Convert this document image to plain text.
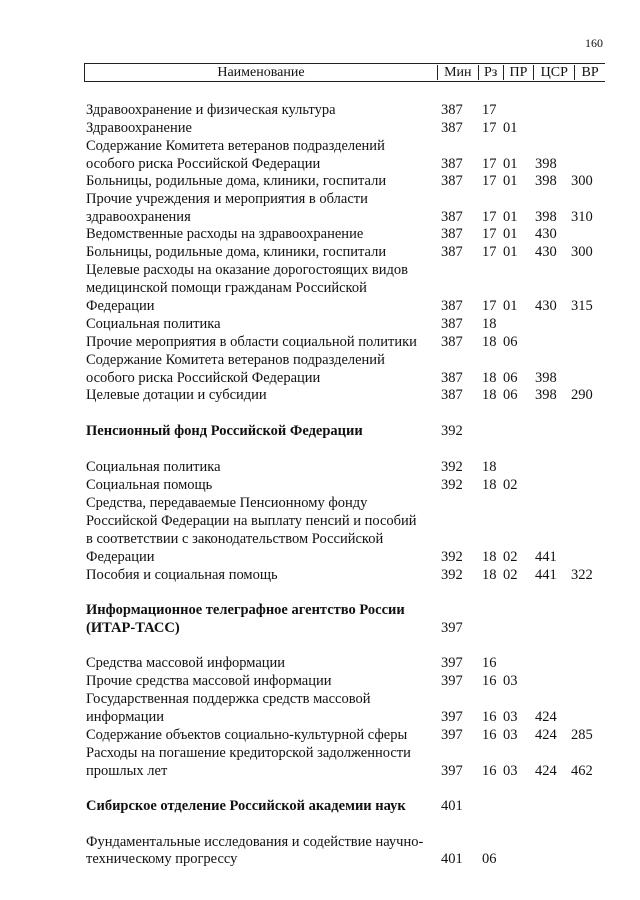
160
Наименование	Мин Рз ПР ЦСР ВР
Здравоохранение и физическая культура	387 17
Здравоохранение	387 17 01
Содержание Комитета ветеранов подразделений
особого риска Российской Федерации	387 17 01 398
Больницы, родильные дома, клиники, госпитали	387 17 01 398 300
Прочие учреждения и мероприятия в области
здравоохранения	387 17 01 398 310
Ведомственные расходы на здравоохранение	387 17 01 430
Больницы, родильные дома, клиники, госпитали	387 17 01 430 300
Целевые расходы на оказание дорогостоящих видов
медицинской помощи гражданам Российской
Федерации	387 17 01 430 315
Социальная политика	387 18
Прочие мероприятия в области социальной политики 387 18 06
Содержание Комитета ветеранов подразделений
особого риска Российской Федерации	387 18 06 398
Целевые дотации и субсидии	387 18 06 398 290
Пенсионный фонд Российской Федерации	392
Социальная политика	392 18
Социальная помощь	392 18 02
Средства, передаваемые Пенсионному фонду
Российской Федерации на выплату пенсий и пособий
в соответствии с законодательством Российской
Федерации	392 18 02 441
Пособия и социальная помощь	392 18 02 441 322
Информационное телеграфное агентство России
(ИТАР-ТАСС)	397
Средства массовой информации	397 16
Прочие средства массовой информации	397 16 03
Государственная поддержка средств массовой
информации	397 16 03 424
Содержание объектов социально-культурной сферы 397 16 03 424 285
Расходы на погашение кредиторской задолженности
прошлых лет	397 16 03 424 462
Сибирское отделение Российской академии наук 401
Фундаментальные исследования и содействие научно-
техническому прогрессу	401 06
